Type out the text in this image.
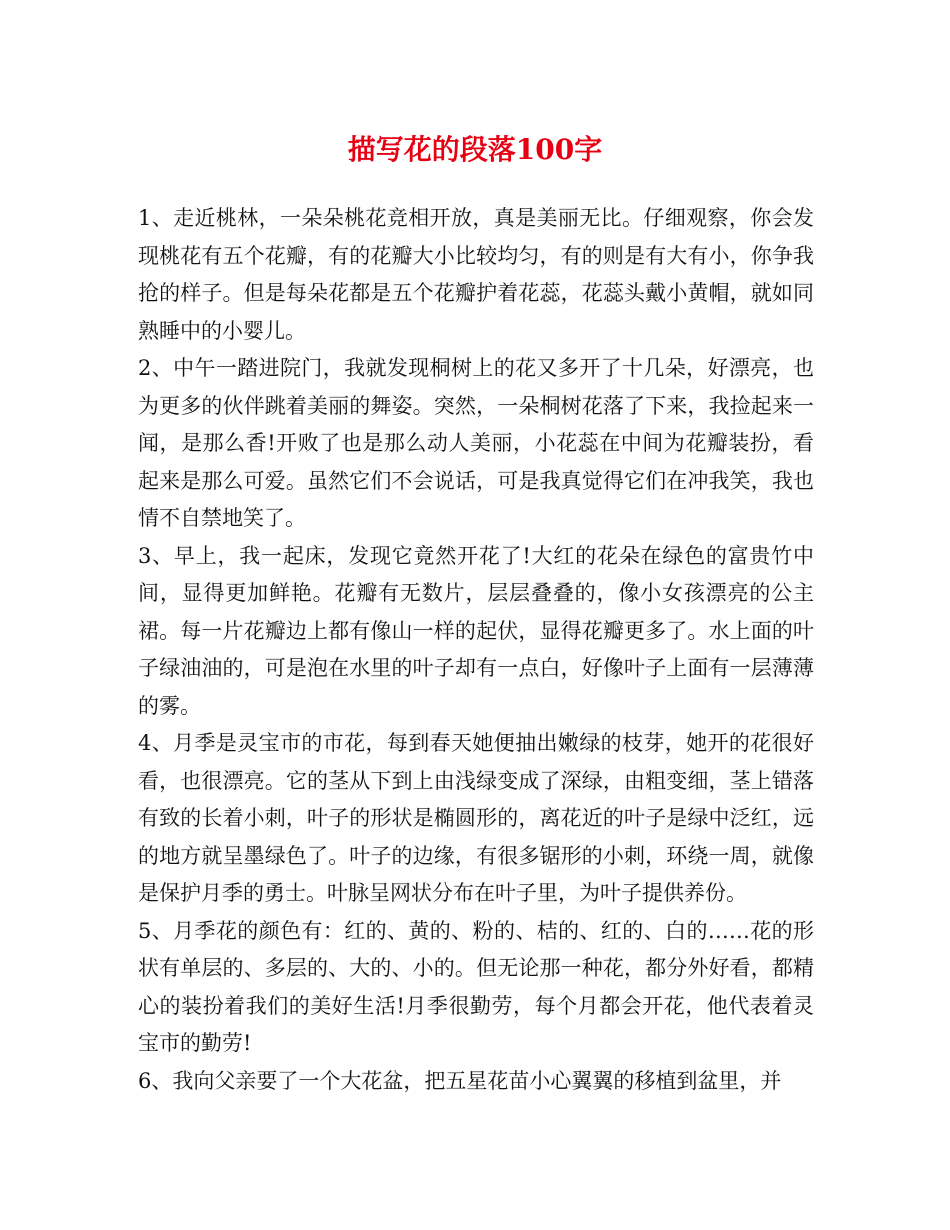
描写花的段落100字

1、走近桃林，一朵朵桃花竞相开放，真是美丽无比。仔细观察，你会发现桃花有五个花瓣，有的花瓣大小比较均匀，有的则是有大有小，你争我抢的样子。但是每朵花都是五个花瓣护着花蕊，花蕊头戴小黄帽，就如同熟睡中的小婴儿。

2、中午一踏进院门，我就发现桐树上的花又多开了十几朵，好漂亮，也为更多的伙伴跳着美丽的舞姿。突然，一朵桐树花落了下来，我捡起来一闻，是那么香!开败了也是那么动人美丽，小花蕊在中间为花瓣装扮，看起来是那么可爱。虽然它们不会说话，可是我真觉得它们在冲我笑，我也情不自禁地笑了。

3、早上，我一起床，发现它竟然开花了!大红的花朵在绿色的富贵竹中间，显得更加鲜艳。花瓣有无数片，层层叠叠的，像小女孩漂亮的公主裙。每一片花瓣边上都有像山一样的起伏，显得花瓣更多了。水上面的叶子绿油油的，可是泡在水里的叶子却有一点白，好像叶子上面有一层薄薄的雾。

4、月季是灵宝市的市花，每到春天她便抽出嫩绿的枝芽，她开的花很好看，也很漂亮。它的茎从下到上由浅绿变成了深绿，由粗变细，茎上错落有致的长着小刺，叶子的形状是椭圆形的，离花近的叶子是绿中泛红，远的地方就呈墨绿色了。叶子的边缘，有很多锯形的小刺，环绕一周，就像是保护月季的勇士。叶脉呈网状分布在叶子里，为叶子提供养份。

5、月季花的颜色有：红的、黄的、粉的、桔的、红的、白的……花的形状有单层的、多层的、大的、小的。但无论那一种花，都分外好看，都精心的装扮着我们的美好生活!月季很勤劳，每个月都会开花，他代表着灵宝市的勤劳!

6、我向父亲要了一个大花盆，把五星花苗小心翼翼的移植到盆里，并
